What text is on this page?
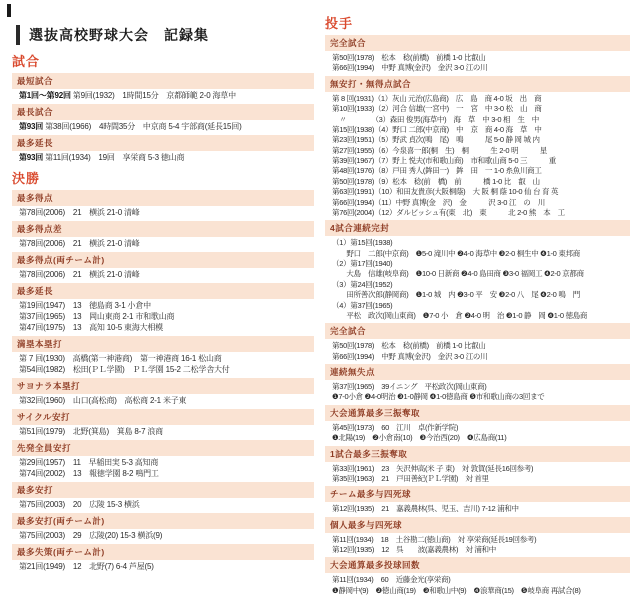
選抜高校野球大会　記録集
試合
最短試合
第1回～第92回 第9回(1932)　1時間15分　京都師範 2-0 海草中
最長試合
第93回 第38回(1966)　4時間35分　中京商 5-4 宇部商(延長15回)
最多延長
第93回 第11回(1934)　19回　享栄商 5-3 徳山商
決勝
最多得点
第78回(2006)　21　横浜 21-0 清峰
最多得点差
第78回(2006)　21　横浜 21-0 清峰
最多得点(両チーム計)
第78回(2006)　21　横浜 21-0 清峰
最多延長
第19回(1947)　13　徳島商 3-1 小倉中
第37回(1965)　13　岡山東商 2-1 市和歌山商
第47回(1975)　13　高知 10-5 東海大相模
満塁本塁打
第 7 回(1930)　高橋(第一神港商)　第一神港商 16-1 松山商
第54回(1982)　松田(ＰＬ学園)　ＰＬ学園 15-2 二松学舎大付
サヨナラ本塁打
第32回(1960)　山口(高松商)　高松商 2-1 米子東
サイクル安打
第51回(1979)　北野(箕島)　箕島 8-7 浪商
先発全員安打
第29回(1957)　11　早稲田実 5-3 高知商
第74回(2002)　13　報徳学園 8-2 鳴門工
最多安打
第75回(2003)　20　広陵 15-3 横浜
最多安打(両チーム計)
第75回(2003)　29　広陵(20) 15-3 横浜(9)
最多失策(両チーム計)
第21回(1949)　12　北野(7) 6-4 芦屋(5)
投手
完全試合
第50回(1978)　松本　稔(前橋)　前橋 1-0 比叡山
第66回(1994)　中野 真博(金沢)　金沢 3-0 江の川
無安打・無得点試合
第 8 回(1931)（1）灰山 元治(広島商)　広　島　商 4-0 坂　出　商
第10回(1933)（2）河合 信雄(一宮中)　一　宮　中 3-0 松　山　商
　〃　　　　（3）森田 俊男(海草中)　海　草　中 3-0 相　生　中
第15回(1938)（4）野口 二郎(中京商)　中　京　商 4-0 海　草　中
第23回(1951)（5）野武 貞次(鳴　尾)　鳴　　　尾 5-0 静 岡 城 内
第27回(1955)（6）今泉喜一郎(桐　生)　桐　　　生 2-0 明　　　星
第39回(1967)（7）野上 悦夫(市和歌山商)　市和歌山商 5-0 三　　　重
第48回(1976)（8）戸田 秀人(鉾田一)　鉾　田　一 1-0 糸魚川商工
第50回(1978)（9）松本　稔(前　橋)　前　　　橋 1-0 比　叡　山
第63回(1991)（10）和田友貴彦(大阪桐蔭)　大 阪 桐 蔭 10-0 仙 台 育 英
第66回(1994)（11）中野 真博(金　沢)　金　　　沢 3-0 江　の　川
第76回(2004)（12）ダルビッシュ有(東　北)　東　　　北 2-0 熊　本　工
4試合連続完封
（1）第15回(1938)
　　野口　二郎(中京商)　❶5-0 滝川中 ❷4-0 海草中 ❸2-0 桐生中 ❹1-0 東邦商
（2）第17回(1940)
　　大島　信雄(岐阜商)　❶10-0 日新商 ❷4-0 島田商 ❸3-0 福岡工 ❹2-0 京都商
（3）第24回(1952)
　　田所善次郎(静岡商)　❶1-0 城　内 ❷3-0 平　安 ❸2-0 八　尾 ❹2-0 鳴　門
（4）第37回(1965)
　　平松　政次(岡山東商)　❶7-0 小　倉 ❷4-0 明　治 ❸1-0 静　岡 ❹1-0 徳島商
完全試合
第50回(1978)　松本　稔(前橋)　前橋 1-0 比叡山
第66回(1994)　中野 真博(金沢)　金沢 3-0 江の川
連続無失点
第37回(1965)　39イニング　平松政次(岡山東商)
❶7-0小倉 ❷4-0明治 ❸1-0静岡 ❹1-0徳島商 ❺市和歌山商の3回まで
大会通算最多三振奪取
第45回(1973)　60　江川　卓(作新学院)
❶北陽(19)　❷小倉南(10)　❸今治西(20)　❹広島商(11)
1試合最多三振奪取
第33回(1961)　23　矢沢伸高(米 子 東)　対 敦賀(延長16回参考)
第35回(1963)　21　戸田善紀(ＰＬ学園)　対 首里
チーム最多与四死球
第12回(1935)　21　嘉義農林(呉、児玉、吉川) 7-12 浦和中
個人最多与四死球
第11回(1934)　18　土谷勘二(徳山商)　対 享栄商(延長19回参考)
第12回(1935)　12　呉　　波(嘉義農林)　対 浦和中
大会通算最多投球回数
第11回(1934)　60　近藤金光(享栄商)
❶静岡中(9)　❷徳山商(19)　❸和歌山中(9)　❹浪華商(15)　❺岐阜商 再試合(8)
